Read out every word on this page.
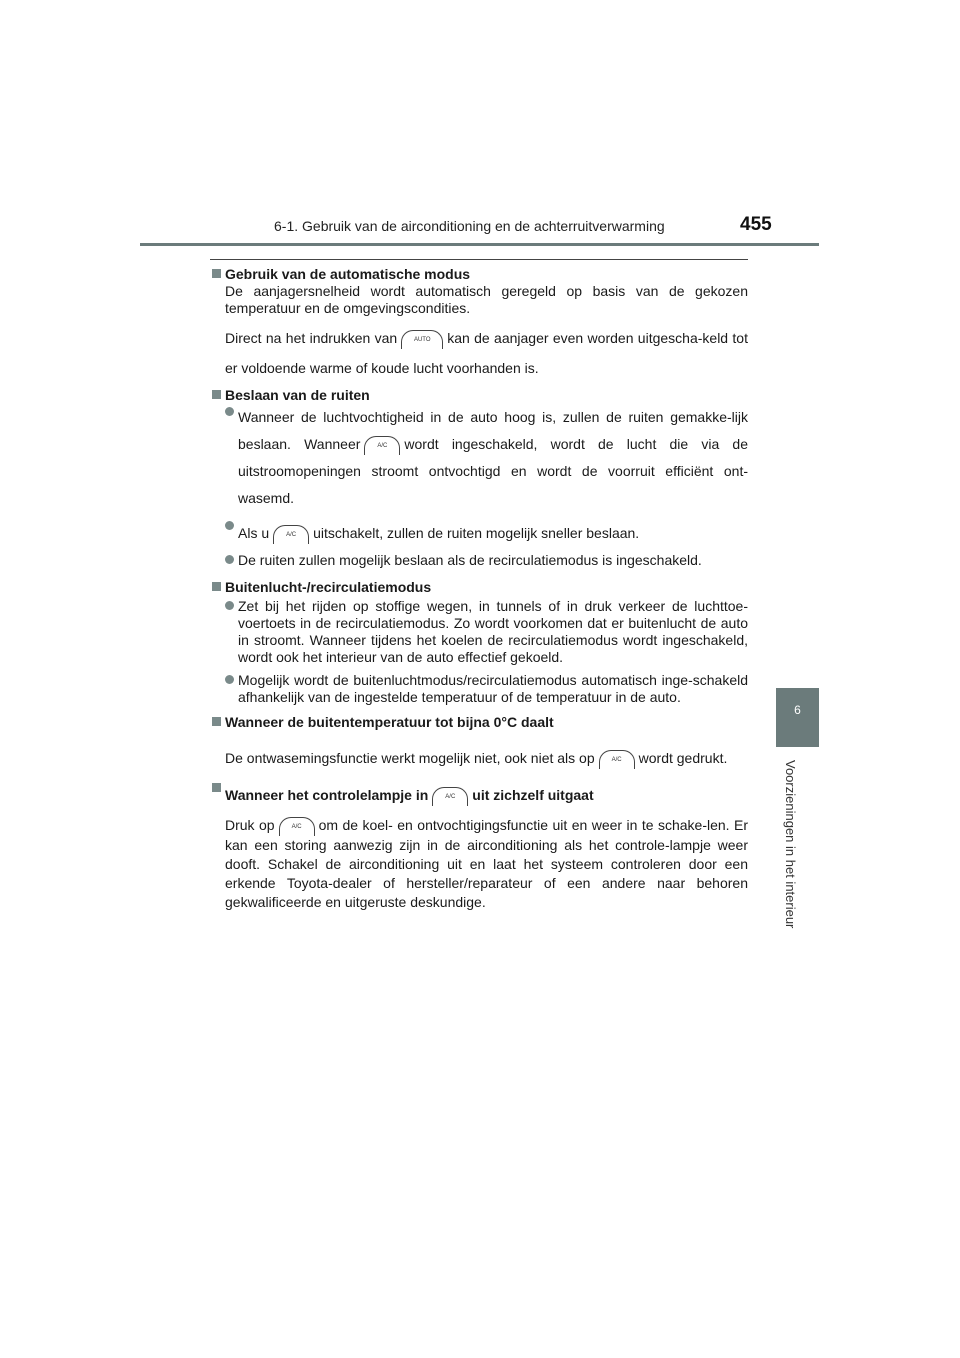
6-1. Gebruik van de airconditioning en de achterruitverwarming	455
6
Voorzieningen in het interieur

Gebruik van de automatische modus

De aanjagersnelheid wordt automatisch geregeld op basis van de gekozen temperatuur en de omgevingscondities.

Direct na het indrukken van	AUTO kan de aanjager even worden uitgescha-keld tot er voldoende warme of koude lucht voorhanden is.

Beslaan van de ruiten

Wanneer de luchtvochtigheid in de auto hoog is, zullen de ruiten gemakke-lijk beslaan. Wanneer	A/C wordt ingeschakeld, wordt de lucht die via de uitstroomopeningen stroomt ontvochtigd en wordt de voorruit efficiënt ont-wasemd.

Als u	A/C uitschakelt, zullen de ruiten mogelijk sneller beslaan.

De ruiten zullen mogelijk beslaan als de recirculatiemodus is ingeschakeld.

Buitenlucht-/recirculatiemodus

Zet bij het rijden op stoffige wegen, in tunnels of in druk verkeer de luchttoe-voertoets in de recirculatiemodus. Zo wordt voorkomen dat er buitenlucht de auto in stroomt. Wanneer tijdens het koelen de recirculatiemodus wordt ingeschakeld, wordt ook het interieur van de auto effectief gekoeld.

Mogelijk wordt de buitenluchtmodus/recirculatiemodus automatisch inge-schakeld afhankelijk van de ingestelde temperatuur of de temperatuur in de auto.

Wanneer de buitentemperatuur tot bijna 0°C daalt

De ontwasemingsfunctie werkt mogelijk niet, ook niet als op	A/C wordt gedrukt.

Wanneer het controlelampje in	A/C uit zichzelf uitgaat

Druk op	A/C om de koel- en ontvochtigingsfunctie uit en weer in te schake-len. Er kan een storing aanwezig zijn in de airconditioning als het controle-lampje weer dooft. Schakel de airconditioning uit en laat het systeem controleren door een erkende Toyota-dealer of hersteller/reparateur of een andere naar behoren gekwalificeerde en uitgeruste deskundige.
